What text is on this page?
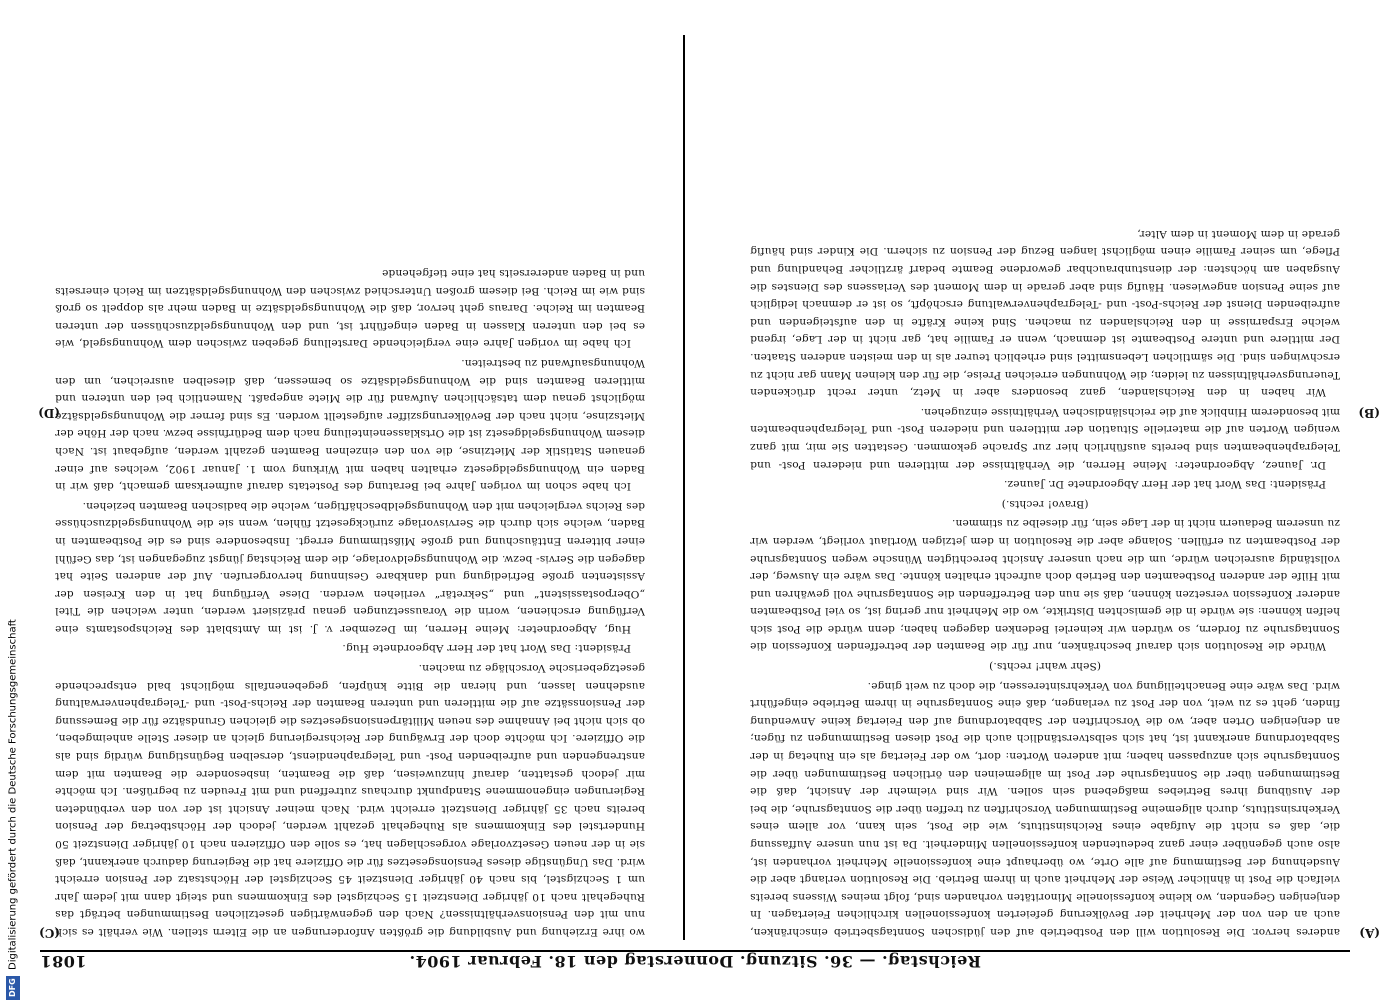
DFG
Digitalisierung gefördert durch die Deutsche Forschungsgemeinschaft	Reichstag. — 36. Sitzung. Donnerstag den 18. Februar 1904.
1081
(A)
(B)
(C)
(D)

anderes hervor. Die Resolution will den Postbetrieb auf den jüdischen Sonntagsbetrieb einschränken, auch an den von der Mehrheit der Bevölkerung gefeierten konfessionellen kirchlichen Feiertagen. In denjenigen Gegenden, wo kleine konfessionelle Minoritäten vorhanden sind, folgt meines Wissens bereits vielfach die Post in ähnlicher Weise der Mehrheit auch in ihrem Betrieb. Die Resolution verlangt aber die Ausdehnung der Bestimmung auf alle Orte, wo überhaupt eine konfessionelle Mehrheit vorhanden ist, also auch gegenüber einer ganz bedeutenden konfessionellen Minderheit. Da ist nun unsere Auffassung die, daß es nicht die Aufgabe eines Reichsinstituts, wie die Post, sein kann, vor allem eines Verkehrsinstituts, durch allgemeine Bestimmungen Vorschriften zu treffen über die Sonntagsruhe, die bei der Ausübung ihres Betriebes maßgebend sein sollen. Wir sind vielmehr der Ansicht, daß die Bestimmungen über die Sonntagsruhe der Post im allgemeinen den örtlichen Bestimmungen über die Sonntagsruhe sich anzupassen haben; mit anderen Worten: dort, wo der Feiertag als ein Ruhetag in der Sabbatordnung anerkannt ist, hat sich selbstverständlich auch die Post diesen Bestimmungen zu fügen; an denjenigen Orten aber, wo die Vorschriften der Sabbatordnung auf den Feiertag keine Anwendung finden, geht es zu weit, von der Post zu verlangen, daß eine Sonntagsruhe in ihrem Betriebe eingeführt wird. Das wäre eine Benachteiligung von Verkehrsinteressen, die doch zu weit ginge.

(Sehr wahr! rechts.)

Würde die Resolution sich darauf beschränken, nur für die Beamten der betreffenden Konfession die Sonntagsruhe zu fordern, so würden wir keinerlei Bedenken dagegen haben; denn würde die Post sich helfen können: sie würde in die gemischten Distrikte, wo die Mehrheit nur gering ist, so viel Postbeamten anderer Konfession versetzen können, daß sie nun den Betreffenden die Sonntagsruhe voll gewähren und mit Hilfe der anderen Postbeamten den Betrieb doch aufrecht erhalten könnte. Das wäre ein Ausweg, der vollständig ausreichen würde, um die nach unserer Ansicht berechtigten Wünsche wegen Sonntagsruhe der Postbeamten zu erfüllen. Solange aber die Resolution in dem jetzigen Wortlaut vorliegt, werden wir zu unserem Bedauern nicht in der Lage sein, für dieselbe zu stimmen.

(Bravo! rechts.)

Präsident: Das Wort hat der Herr Abgeordnete Dr. Jaunez.

Dr. Jaunez, Abgeordneter: Meine Herren, die Verhältnisse der mittleren und niederen Post- und Telegraphenbeamten sind bereits ausführlich hier zur Sprache gekommen. Gestatten Sie mir, mit ganz wenigen Worten auf die materielle Situation der mittleren und niederen Post- und Telegraphenbeamten mit besonderem Hinblick auf die reichsländischen Verhältnisse einzugehen.

Wir haben in den Reichslanden, ganz besonders aber in Metz, unter recht drückenden Teuerungsverhältnissen zu leiden; die Wohnungen erreichen Preise, die für den kleinen Mann gar nicht zu erschwingen sind. Die sämtlichen Lebensmittel sind erheblich teurer als in den meisten anderen Staaten. Der mittlere und untere Postbeamte ist demnach, wenn er Familie hat, gar nicht in der Lage, irgend welche Ersparnisse in den Reichslanden zu machen. Sind keine Kräfte in den aufsteigenden und aufreibenden Dienst der Reichs-Post- und -Telegraphenverwaltung erschöpft, so ist er demnach lediglich auf seine Pension angewiesen. Häufig sind aber gerade in dem Moment des Verlassens des Dienstes die Ausgaben am höchsten: der dienstunbrauchbar gewordene Beamte bedarf ärztlicher Behandlung und Pflege, um seiner Familie einen möglichst langen Bezug der Pension zu sichern. Die Kinder sind häufig gerade in dem Moment in dem Alter,

wo ihre Erziehung und Ausbildung die größten Anforderungen an die Eltern stellen. Wie verhält es sich nun mit den Pensionsverhältnissen? Nach den gegenwärtigen gesetzlichen Bestimmungen beträgt das Ruhegehalt nach 10 jähriger Dienstzeit 15 Sechzigstel des Einkommens und steigt dann mit jedem Jahr um 1 Sechzigstel, bis nach 40 jähriger Dienstzeit 45 Sechzigstel der Höchstsatz der Pension erreicht wird. Das Ungünstige dieses Pensionsgesetzes für die Offiziere hat die Regierung dadurch anerkannt, daß sie in der neuen Gesetzvorlage vorgeschlagen hat, es solle den Offizieren nach 10 jähriger Dienstzeit 50 Hundertstel des Einkommens als Ruhegehalt gezahlt werden, jedoch der Höchstbetrag der Pension bereits nach 35 jähriger Dienstzeit erreicht wird. Nach meiner Ansicht ist der von den verbündeten Regierungen eingenommene Standpunkt durchaus zutreffend und mit Freuden zu begrüßen. Ich möchte mir jedoch gestatten, darauf hinzuweisen, daß die Beamten, insbesondere die Beamten mit dem anstrengenden und aufreibenden Post- und Telegraphendienst, derselben Begünstigung würdig sind als die Offiziere. Ich möchte doch der Erwägung der Reichsregierung gleich an dieser Stelle anheimgeben, ob sich nicht bei Annahme des neuen Militärpensionsgesetzes die gleichen Grundsätze für die Bemessung der Pensionssätze auf die mittleren und unteren Beamten der Reichs-Post- und -Telegraphenverwaltung ausdehnen lassen, und hieran die Bitte knüpfen, gegebenenfalls möglichst bald entsprechende gesetzgeberische Vorschläge zu machen.

Präsident: Das Wort hat der Herr Abgeordnete Hug.

Hug, Abgeordneter: Meine Herren, im Dezember v. J. ist im Amtsblatt des Reichspostamts eine Verfügung erschienen, worin die Voraussetzungen genau präzisiert werden, unter welchen die Titel „Oberpostassistent“ und „Sekretär“ verliehen werden. Diese Verfügung hat in den Kreisen der Assistenten große Befriedigung und dankbare Gesinnung hervorgerufen. Auf der anderen Seite hat dagegen die Servis- bezw. die Wohnungsgeldvorlage, die dem Reichstag jüngst zugegangen ist, das Gefühl einer bitteren Enttäuschung und große Mißstimmung erregt. Insbesondere sind es die Postbeamten in Baden, welche sich durch die Servisvorlage zurückgesetzt fühlen, wenn sie die Wohnungsgeldzuschüsse des Reichs vergleichen mit den Wohnungsgeldbeschäftigen, welche die badischen Beamten beziehen.

Ich habe schon im vorigen Jahre bei Beratung des Postetats darauf aufmerksam gemacht, daß wir in Baden ein Wohnungsgeldgesetz erhalten haben mit Wirkung vom 1. Januar 1902, welches auf einer genauen Statistik der Mietzinse, die von den einzelnen Beamten gezahlt werden, aufgebaut ist. Nach diesem Wohnungsgeldgesetz ist die Ortsklasseneinteilung nach dem Bedürfnisse bezw. nach der Höhe der Mietszinse, nicht nach der Bevölkerungsziffer aufgestellt worden. Es sind ferner die Wohnungsgeldsätze möglichst genau dem tatsächlichen Aufwand für die Miete angepaßt. Namentlich bei den unteren und mittleren Beamten sind die Wohnungsgeldsätze so bemessen, daß dieselben ausreichen, um den Wohnungsaufwand zu bestreiten.

Ich habe im vorigen Jahre eine vergleichende Darstellung gegeben zwischen dem Wohnungsgeld, wie es bei den unteren Klassen in Baden eingeführt ist, und den Wohnungsgeldzuschüssen der unteren Beamten im Reiche. Daraus geht hervor, daß die Wohnungsgeldsätze in Baden mehr als doppelt so groß sind wie im Reich. Bei diesem großen Unterschied zwischen den Wohnungsgeldsätzen im Reich einerseits und in Baden andererseits hat eine tiefgehende
